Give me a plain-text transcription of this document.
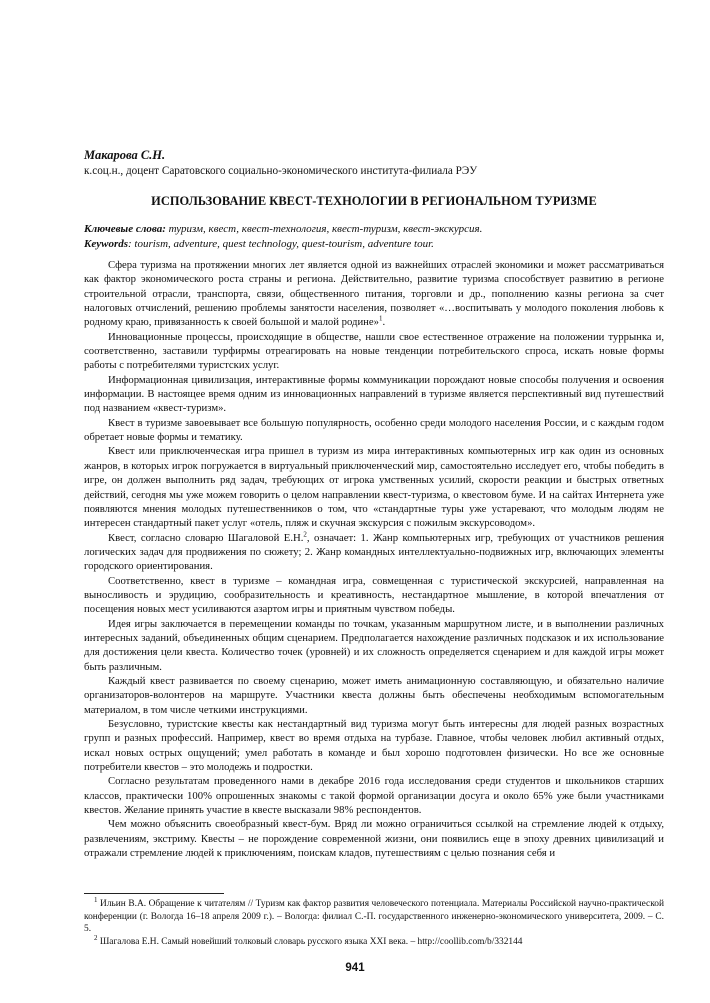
Макарова С.Н.
к.соц.н., доцент Саратовского социально-экономического института-филиала РЭУ
ИСПОЛЬЗОВАНИЕ КВЕСТ-ТЕХНОЛОГИИ В РЕГИОНАЛЬНОМ ТУРИЗМЕ
Ключевые слова: туризм, квест, квест-технология, квест-туризм, квест-экскурсия.
Keywords: tourism, adventure, quest technology, quest-tourism, adventure tour.

Сфера туризма на протяжении многих лет является одной из важнейших отраслей экономики и может рассматриваться как фактор экономического роста страны и региона. Действительно, развитие туризма способствует развитию в регионе строительной отрасли, транспорта, связи, общественного питания, торговли и др., пополнению казны региона за счет налоговых отчислений, решению проблемы занятости населения, позволяет «…воспитывать у молодого поколения любовь к родному краю, привязанность к своей большой и малой родине»$^1$.

Инновационные процессы, происходящие в обществе, нашли свое естественное отражение на положении туррынка и, соответственно, заставили турфирмы отреагировать на новые тенденции потребительского спроса, искать новые формы работы с потребителями туристских услуг.

Информационная цивилизация, интерактивные формы коммуникации порождают новые способы получения и освоения информации. В настоящее время одним из инновационных направлений в туризме является перспективный вид путешествий под названием «квест-туризм».

Квест в туризме завоевывает все большую популярность, особенно среди молодого населения России, и с каждым годом обретает новые формы и тематику.

Квест или приключенческая игра пришел в туризм из мира интерактивных компьютерных игр как один из основных жанров, в которых игрок погружается в виртуальный приключенческий мир, самостоятельно исследует его, чтобы победить в игре, он должен выполнить ряд задач, требующих от игрока умственных усилий, скорости реакции и быстрых ответных действий, сегодня мы уже можем говорить о целом направлении квест-туризма, о квестовом буме. И на сайтах Интернета уже появляются мнения молодых путешественников о том, что «стандартные туры уже устаревают, что молодым людям не интересен стандартный пакет услуг «отель, пляж и скучная экскурсия с пожилым экскурсоводом».

Квест, согласно словарю Шагаловой Е.Н.$^2$, означает: 1. Жанр компьютерных игр, требующих от участников решения логических задач для продвижения по сюжету; 2. Жанр командных интеллектуально-подвижных игр, включающих элементы городского ориентирования.

Соответственно, квест в туризме – командная игра, совмещенная с туристической экскурсией, направленная на выносливость и эрудицию, сообразительность и креативность, нестандартное мышление, в которой впечатления от посещения новых мест усиливаются азартом игры и приятным чувством победы.

Идея игры заключается в перемещении команды по точкам, указанным маршрутном листе, и в выполнении различных интересных заданий, объединенных общим сценарием. Предполагается нахождение различных подсказок и их использование для достижения цели квеста. Количество точек (уровней) и их сложность определяется сценарием и для каждой игры может быть различным.

Каждый квест развивается по своему сценарию, может иметь анимационную составляющую, и обязательно наличие организаторов-волонтеров на маршруте. Участники квеста должны быть обеспечены необходимым вспомогательным материалом, в том числе четкими инструкциями.

Безусловно, туристские квесты как нестандартный вид туризма могут быть интересны для людей разных возрастных групп и разных профессий. Например, квест во время отдыха на турбазе. Главное, чтобы человек любил активный отдых, искал новых острых ощущений; умел работать в команде и был хорошо подготовлен физически. Но все же основные потребители квестов – это молодежь и подростки.

Согласно результатам проведенного нами в декабре 2016 года исследования среди студентов и школьников старших классов, практически 100% опрошенных знакомы с такой формой организации досуга и около 65% уже были участниками квестов. Желание принять участие в квесте высказали 98% респондентов.

Чем можно объяснить своеобразный квест-бум. Вряд ли можно ограничиться ссылкой на стремление людей к отдыху, развлечениям, экстриму. Квесты – не порождение современной жизни, они появились еще в эпоху древних цивилизаций и отражали стремление людей к приключениям, поискам кладов, путешествиям с целью познания себя и

$^1$ Ильин В.А. Обращение к читателям // Туризм как фактор развития человеческого потенциала. Материалы Российской научно-практической конференции (г. Вологда 16–18 апреля 2009 г.). – Вологда: филиал С.-П. государственного инженерно-экономического университета, 2009. – С. 5.

$^2$ Шагалова Е.Н. Самый новейший толковый словарь русского языка XXI века. – http://coollib.com/b/332144

941
